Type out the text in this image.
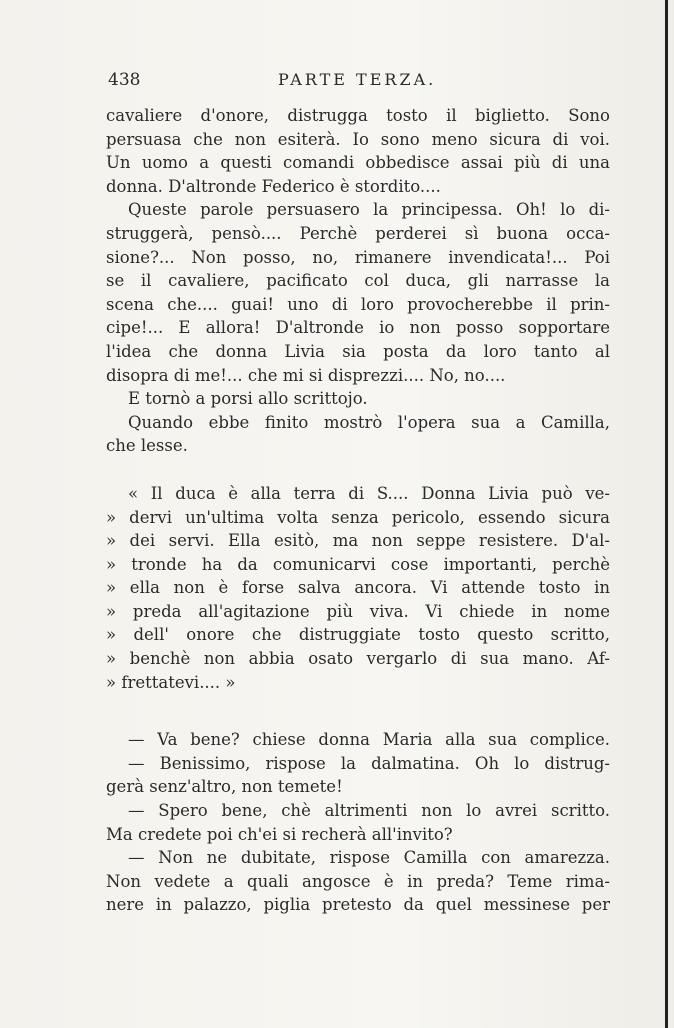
438	PARTE TERZA.
cavaliere d'onore, distrugga tosto il biglietto. Sono
persuasa che non esiterà. Io sono meno sicura di voi.
Un uomo a questi comandi obbedisce assai più di una
donna. D'altronde Federico è stordito....
Queste parole persuasero la principessa. Oh! lo di-
struggerà, pensò.... Perchè perderei sì buona occa-
sione?... Non posso, no, rimanere invendicata!... Poi
se il cavaliere, pacificato col duca, gli narrasse la
scena che.... guai! uno di loro provocherebbe il prin-
cipe!... E allora! D'altronde io non posso sopportare
l'idea che donna Livia sia posta da loro tanto al
disopra di me!... che mi si disprezzi.... No, no....
E tornò a porsi allo scrittojo.
Quando ebbe finito mostrò l'opera sua a Camilla,
che lesse.
« Il duca è alla terra di S.... Donna Livia può ve-
» dervi un'ultima volta senza pericolo, essendo sicura
» dei servi. Ella esitò, ma non seppe resistere. D'al-
» tronde ha da comunicarvi cose importanti, perchè
» ella non è forse salva ancora. Vi attende tosto in
» preda all'agitazione più viva. Vi chiede in nome
» dell' onore che distruggiate tosto questo scritto,
» benchè non abbia osato vergarlo di sua mano. Af-
» frettatevi.... »
— Va bene? chiese donna Maria alla sua complice.
— Benissimo, rispose la dalmatina. Oh lo distrug-
gerà senz'altro, non temete!
— Spero bene, chè altrimenti non lo avrei scritto.
Ma credete poi ch'ei si recherà all'invito?
— Non ne dubitate, rispose Camilla con amarezza.
Non vedete a quali angosce è in preda? Teme rima-
nere in palazzo, piglia pretesto da quel messinese per
